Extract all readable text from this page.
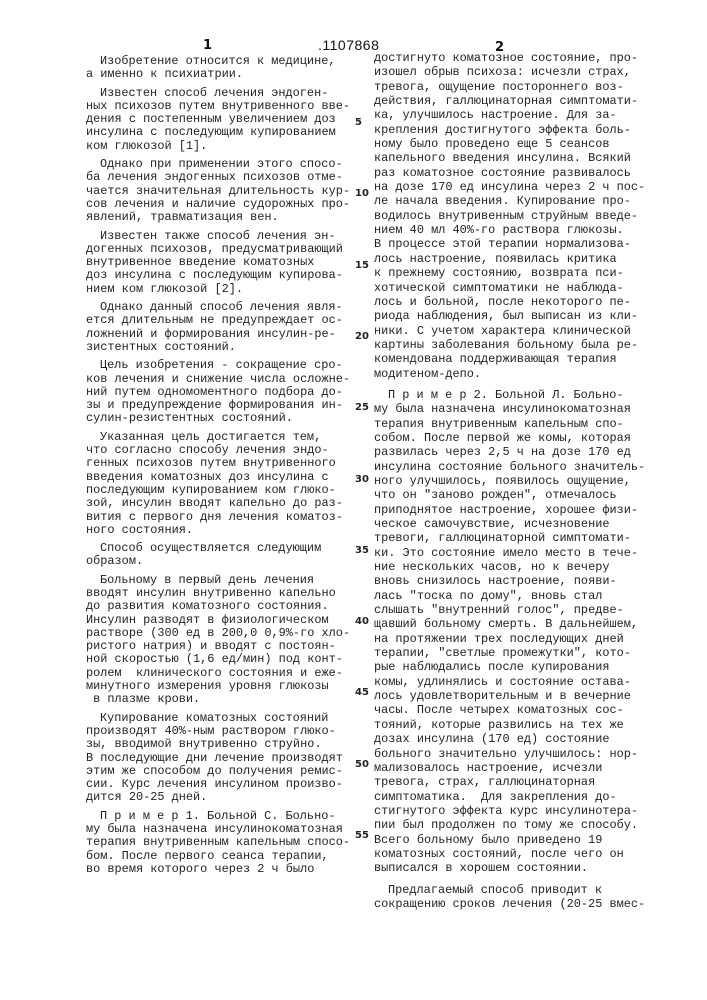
1	.1107868	2
Изобретение относится к медицине,
а именно к психиатрии.
Известен способ лечения эндоген-
ных психозов путем внутривенного вве-
дения с постепенным увеличением доз
инсулина с последующим купированием
ком глюкозой [1].
Однако при применении этого спосо-
ба лечения эндогенных психозов отме-
чается значительная длительность кур-
сов лечения и наличие судорожных про-
явлений, травматизация вен.
Известен также способ лечения эн-
догенных психозов, предусматривающий
внутривенное введение коматозных
доз инсулина с последующим купирова-
нием ком глюкозой [2].
Однако данный способ лечения явля-
ется длительным не предупреждает ос-
ложнений и формирования инсулин-ре-
зистентных состояний.
Цель изобретения - сокращение сро-
ков лечения и снижение числа осложне-
ний путем одномоментного подбора до-
зы и предупреждение формирования ин-
сулин-резистентных состояний.
Указанная цель достигается тем,
что согласно способу лечения эндо-
генных психозов путем внутривенного
введения коматозных доз инсулина с
последующим купированием ком глюко-
зой, инсулин вводят капельно до раз-
вития с первого дня лечения коматоз-
ного состояния.
Способ осуществляется следующим
образом.
Больному в первый день лечения
вводят инсулин внутривенно капельно
до развития коматозного состояния.
Инсулин разводят в физиологическом
растворе (300 ед в 200,0 0,9%-го хло-
ристого натрия) и вводят с постоян-
ной скоростью (1,6 ед/мин) под конт-
ролем  клинического состояния и еже-
минутного измерения уровня глюкозы
в плазме крови.
Купирование коматозных состояний
производят 40%-ным раствором глюко-
зы, вводимой внутривенно струйно.
В последующие дни лечение производят
этим же способом до получения ремис-
сии. Курс лечения инсулином произво-
дится 20-25 дней.
П р и м е р 1. Больной С. Больно-
му была назначена инсулинокоматозная
терапия внутривенным капельным спосо-
бом. После первого сеанса терапии,
во время которого через 2 ч было
достигнуто коматозное состояние, про-
изошел обрыв психоза: исчезли страх,
тревога, ощущение постороннего воз-
действия, галлюцинаторная симптомати-
ка, улучшилось настроение. Для за-
крепления достигнутого эффекта боль-
ному было проведено еще 5 сеансов
капельного введения инсулина. Всякий
раз коматозное состояние развивалось
на дозе 170 ед инсулина через 2 ч пос-
ле начала введения. Купирование про-
водилось внутривенным струйным введе-
нием 40 мл 40%-го раствора глюкозы.
В процессе этой терапии нормализова-
лось настроение, появилась критика
к прежнему состоянию, возврата пси-
хотической симптоматики не наблюда-
лось и больной, после некоторого пе-
риода наблюдения, был выписан из кли-
ники. С учетом характера клинической
картины заболевания больному была ре-
комендована поддерживающая терапия
модитеном-депо.
П р и м е р 2. Больной Л. Больно-
му была назначена инсулинокоматозная
терапия внутривенным капельным спо-
собом. После первой же комы, которая
развилась через 2,5 ч на дозе 170 ед
инсулина состояние больного значитель-
ного улучшилось, появилось ощущение,
что он "заново рожден", отмечалось
приподнятое настроение, хорошее физи-
ческое самочувствие, исчезновение
тревоги, галлюцинаторной симптомати-
ки. Это состояние имело место в тече-
ние нескольких часов, но к вечеру
вновь снизилось настроение, появи-
лась "тоска по дому", вновь стал
слышать "внутренний голос", предве-
щавший больному смерть. В дальнейшем,
на протяжении трех последующих дней
терапии, "светлые промежутки", кото-
рые наблюдались после купирования
комы, удлинялись и состояние остава-
лось удовлетворительным и в вечерние
часы. После четырех коматозных сос-
тояний, которые развились на тех же
дозах инсулина (170 ед) состояние
больного значительно улучшилось: нор-
мализовалось настроение, исчезли
тревога, страх, галлюцинаторная
симптоматика.  Для закрепления до-
стигнутого эффекта курс инсулинотера-
пии был продолжен по тому же способу.
Всего больному было приведено 19
коматозных состояний, после чего он
выписался в хорошем состоянии.
Предлагаемый способ приводит к
сокращению сроков лечения (20-25 вмес-
5
10
15
20
25
30
35
40
45
50
55
